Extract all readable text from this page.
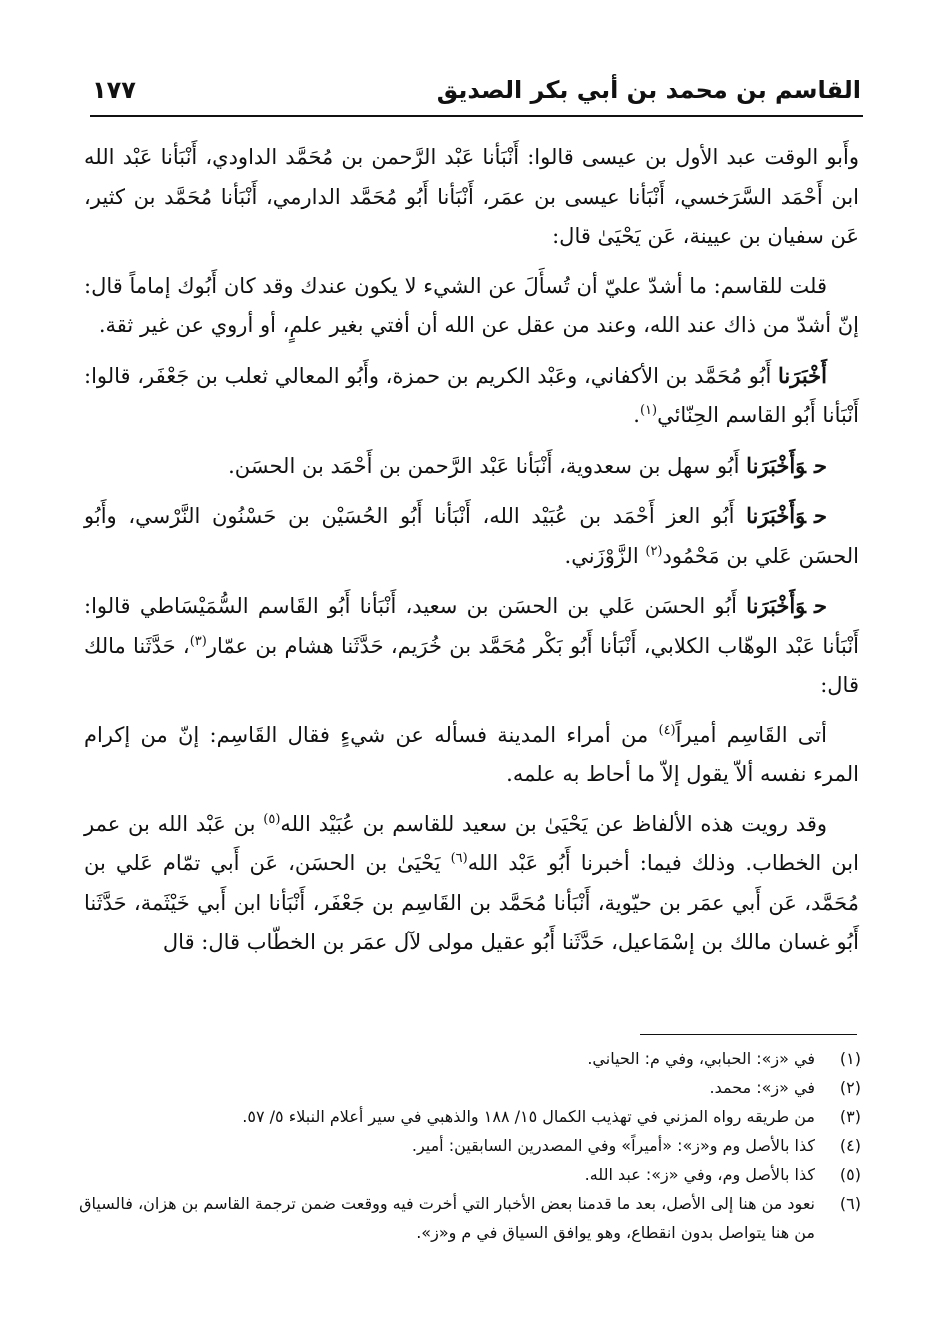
القاسم بن محمد بن أبي بكر الصديق
١٧٧

وأَبو الوقت عبد الأول بن عيسى قالوا: أَنْبَأنا عَبْد الرَّحمن بن مُحَمَّد الداودي، أَنْبَأنا عَبْد الله ابن أَحْمَد السَّرَخسي، أَنْبَأنا عيسى بن عمَر، أَنْبَأنا أَبُو مُحَمَّد الدارمي، أَنْبَأنا مُحَمَّد بن كثير، عَن سفيان بن عيينة، عَن يَحْيَىٰ قال:

قلت للقاسم: ما أشدّ عليّ أن تُسأَلَ عن الشيء لا يكون عندك وقد كان أَبُوك إماماً قال: إنّ أشدّ من ذاك عند الله، وعند من عقل عن الله أن أفتي بغير علمٍ، أو أروي عن غير ثقة.

أَخْبَرَنا أَبُو مُحَمَّد بن الأكفاني، وعَبْد الكريم بن حمزة، وأَبُو المعالي ثعلب بن جَعْفَر، قالوا: أَنْبَأنا أَبُو القاسم الحِنّائي$^{(١)}$.

حوَأَخْبَرَنا أَبُو سهل بن سعدوية، أَنْبَأنا عَبْد الرَّحمن بن أَحْمَد بن الحسَن.

حوَأَخْبَرَنا أَبُو العز أَحْمَد بن عُبَيْد الله، أَنْبَأنا أَبُو الحُسَيْن بن حَسْنُون النَّرْسي، وأَبُو الحسَن عَلي بن مَحْمُود$^{(٢)}$ الزَّوْزَني.

حوَأَخْبَرَنا أَبُو الحسَن عَلي بن الحسَن بن سعيد، أَنْبَأنا أَبُو القَاسم السُّمَيْسَاطي قالوا: أَنْبَأنا عَبْد الوهّاب الكلابي، أَنْبَأنا أَبُو بَكْر مُحَمَّد بن خُرَيم، حَدَّثَنا هشام بن عمّار$^{(٣)}$، حَدَّثَنا مالك قال:

أتى القَاسِم أميراً$^{(٤)}$ من أمراء المدينة فسأله عن شيءٍ فقال القَاسِم: إنّ من إكرام المرء نفسه ألاّ يقول إلاّ ما أحاط به علمه.

وقد رويت هذه الألفاظ عن يَحْيَىٰ بن سعيد للقاسم بن عُبَيْد الله$^{(٥)}$ بن عَبْد الله بن عمر ابن الخطاب. وذلك فيما: أخبرنا أَبُو عَبْد الله$^{(٦)}$ يَحْيَىٰ بن الحسَن، عَن أَبي تمّام عَلي بن مُحَمَّد، عَن أَبي عمَر بن حيّوية، أَنْبَأنا مُحَمَّد بن القَاسِم بن جَعْفَر، أَنْبَأنا ابن أَبي خَيْثَمة، حَدَّثَنا أَبُو غسان مالك بن إسْمَاعيل، حَدَّثَنا أَبُو عقيل مولى لآل عمَر بن الخطّاب قال: قال

(١)
في «ز»: الحبابي، وفي م: الحياني.
(٢)
في «ز»: محمد.
(٣)
من طريقه رواه المزني في تهذيب الكمال ١٥/ ١٨٨ والذهبي في سير أعلام النبلاء ٥/ ٥٧.
(٤)
كذا بالأصل وم و«ز»: «أميراً» وفي المصدرين السابقين: أمير.
(٥)
كذا بالأصل وم، وفي «ز»: عبد الله.
(٦)
نعود من هنا إلى الأصل، بعد ما قدمنا بعض الأخبار التي أخرت فيه ووقعت ضمن ترجمة القاسم بن هزان، فالسياق من هنا يتواصل بدون انقطاع، وهو يوافق السياق في م و«ز».
